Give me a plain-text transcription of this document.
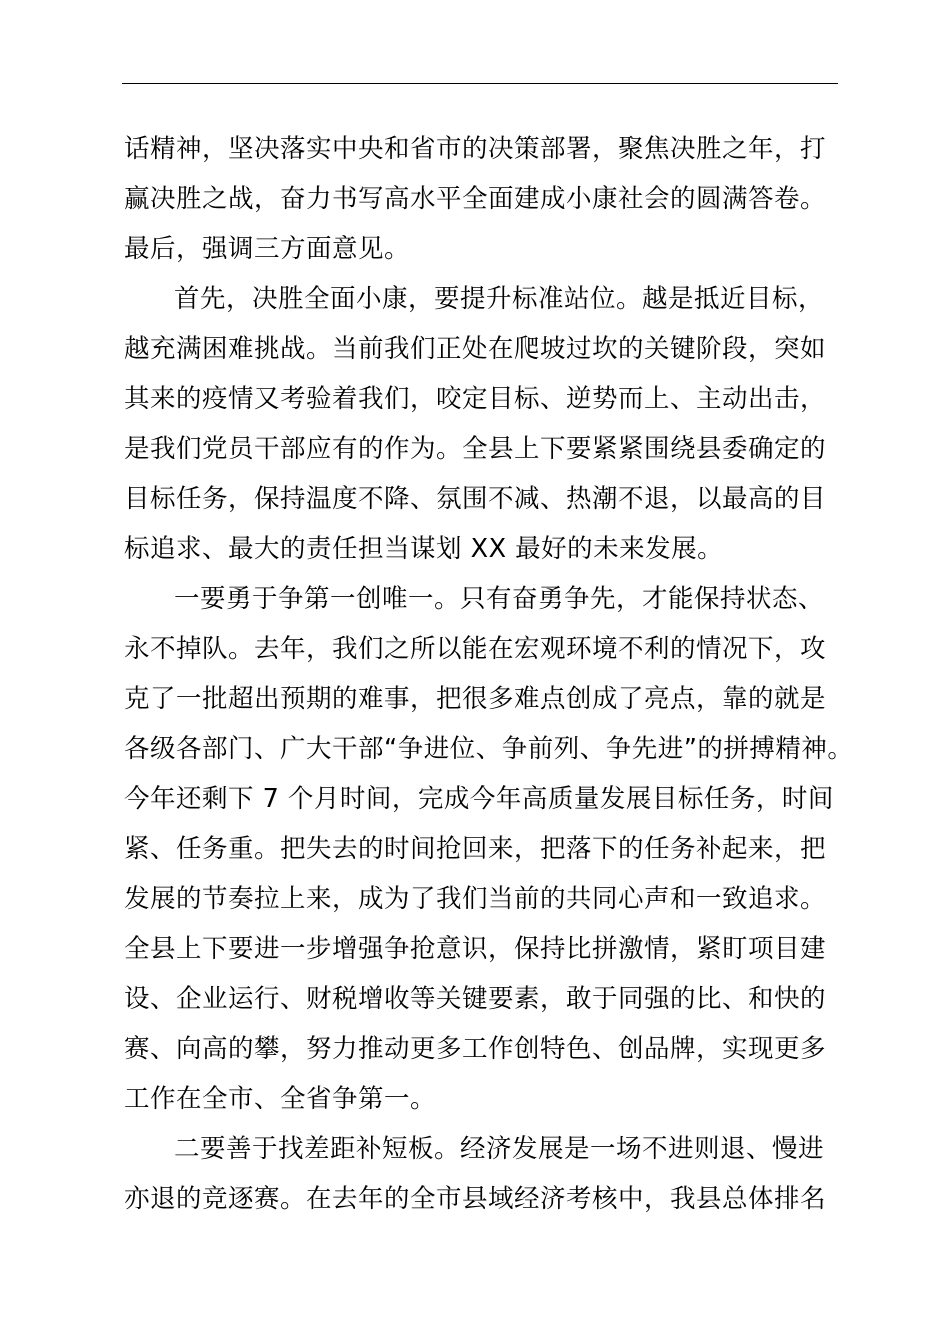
话精神，坚决落实中央和省市的决策部署，聚焦决胜之年，打
赢决胜之战，奋力书写高水平全面建成小康社会的圆满答卷。
最后，强调三方面意见。
首先，决胜全面小康，要提升标准站位。越是抵近目标，
越充满困难挑战。当前我们正处在爬坡过坎的关键阶段，突如
其来的疫情又考验着我们，咬定目标、逆势而上、主动出击，
是我们党员干部应有的作为。全县上下要紧紧围绕县委确定的
目标任务，保持温度不降、氛围不减、热潮不退，以最高的目
标追求、最大的责任担当谋划 XX 最好的未来发展。
一要勇于争第一创唯一。只有奋勇争先，才能保持状态、
永不掉队。去年，我们之所以能在宏观环境不利的情况下，攻
克了一批超出预期的难事，把很多难点创成了亮点，靠的就是
各级各部门、广大干部“争进位、争前列、争先进”的拼搏精神。
今年还剩下 7 个月时间，完成今年高质量发展目标任务，时间
紧、任务重。把失去的时间抢回来，把落下的任务补起来，把
发展的节奏拉上来，成为了我们当前的共同心声和一致追求。
全县上下要进一步增强争抢意识，保持比拼激情，紧盯项目建
设、企业运行、财税增收等关键要素，敢于同强的比、和快的
赛、向高的攀，努力推动更多工作创特色、创品牌，实现更多
工作在全市、全省争第一。
二要善于找差距补短板。经济发展是一场不进则退、慢进
亦退的竞逐赛。在去年的全市县域经济考核中，我县总体排名
